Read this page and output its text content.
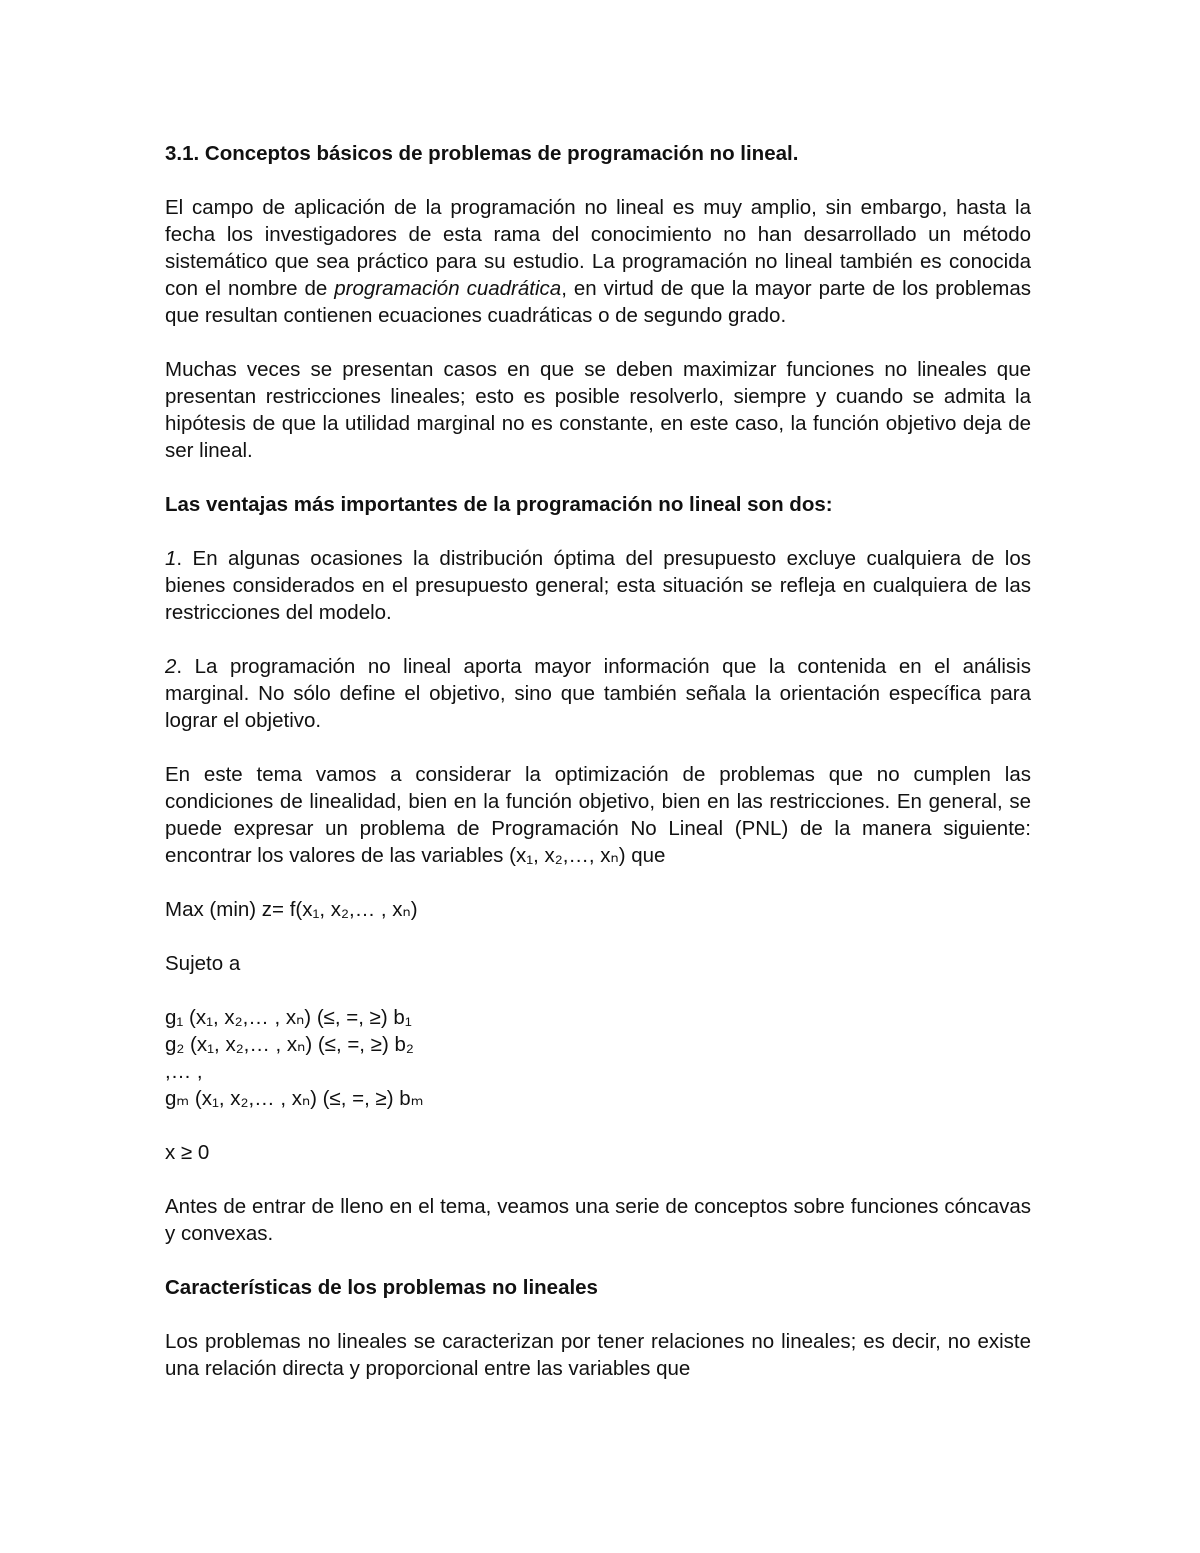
3.1. Conceptos básicos de problemas de programación no lineal.

El campo de aplicación de la programación no lineal es muy amplio, sin embargo, hasta la fecha los investigadores de esta rama del conocimiento no han desarrollado un método sistemático que sea práctico para su estudio. La programación no lineal también es conocida con el nombre de programación cuadrática, en virtud de que la mayor parte de los problemas que resultan contienen ecuaciones cuadráticas o de segundo grado.

Muchas veces se presentan casos en que se deben maximizar funciones no lineales que presentan restricciones lineales; esto es posible resolverlo, siempre y cuando se admita la hipótesis de que la utilidad marginal no es constante, en este caso, la función objetivo deja de ser lineal.

Las ventajas más importantes de la programación no lineal son dos:

1. En algunas ocasiones la distribución óptima del presupuesto excluye cualquiera de los bienes considerados en el presupuesto general; esta situación se refleja en cualquiera de las restricciones del modelo.

2. La programación no lineal aporta mayor información que la contenida en el análisis marginal. No sólo define el objetivo, sino que también señala la orientación específica para lograr el objetivo.

En este tema vamos a considerar la optimización de problemas que no cumplen las condiciones de linealidad, bien en la función objetivo, bien en las restricciones. En general, se puede expresar un problema de Programación No Lineal (PNL) de la manera siguiente: encontrar los valores de las variables (x₁, x₂,…, xₙ) que

Max (min) z= f(x₁, x₂,… , xₙ)

Sujeto a

g₁ (x₁, x₂,… , xₙ) (≤, =, ≥) b₁

g₂ (x₁, x₂,… , xₙ) (≤, =, ≥) b₂

,… ,

gₘ (x₁, x₂,… , xₙ) (≤, =, ≥) bₘ

x ≥ 0

Antes de entrar de lleno en el tema, veamos una serie de conceptos sobre funciones cóncavas y convexas.

Características de los problemas no lineales

Los problemas no lineales se caracterizan por tener relaciones no lineales; es decir, no existe una relación directa y proporcional entre las variables que
